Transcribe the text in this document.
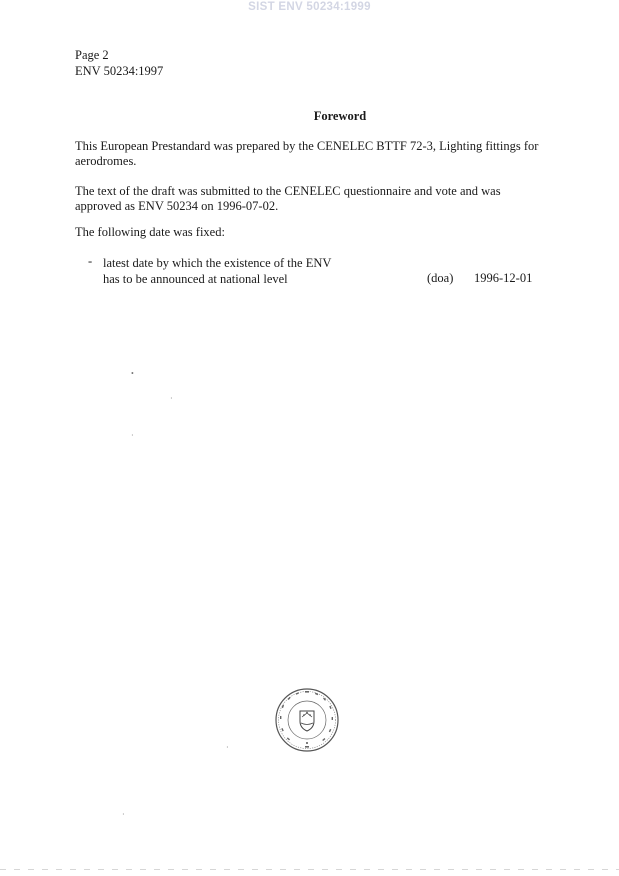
SIST ENV 50234:1999
Page 2
ENV 50234:1997
Foreword
This European Prestandard was prepared by the CENELEC BTTF 72-3, Lighting fittings for aerodromes.
The text of the draft was submitted to the CENELEC questionnaire and vote and was approved as ENV 50234 on 1996-07-02.
The following date was fixed:
- latest date by which the existence of the ENV
has to be announced at national level	(doa) 1996-12-01
•
·
·
·
·
